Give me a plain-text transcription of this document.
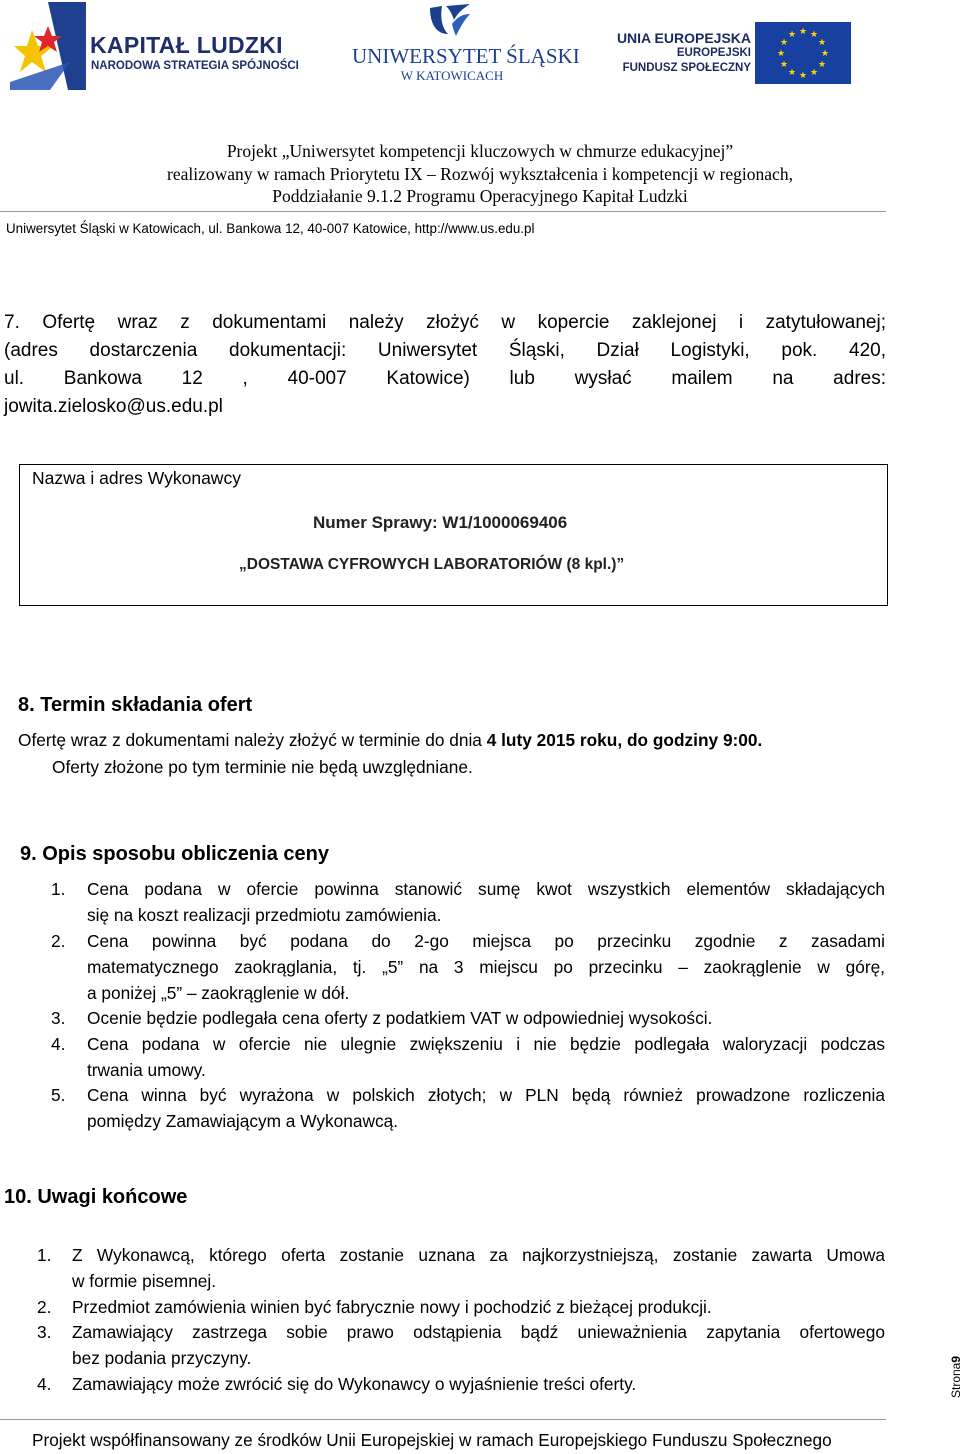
KAPITAŁ LUDZKI
NARODOWA STRATEGIA SPÓJNOŚCI	UNIWERSYTET ŚLĄSKI
W KATOWICACH
UNIA EUROPEJSKA
EUROPEJSKI
FUNDUSZ SPOŁECZNY
★ ★
★
★
★
★
★
★
★
★
★
★
Projekt „Uniwersytet kompetencji kluczowych w chmurze edukacyjnej”
realizowany w ramach Priorytetu IX – Rozwój wykształcenia i kompetencji w regionach,
Poddziałanie 9.1.2 Programu Operacyjnego Kapitał Ludzki
Uniwersytet Śląski w Katowicach, ul. Bankowa 12, 40-007 Katowice, http://www.us.edu.pl
7. Ofertę wraz z dokumentami należy złożyć w kopercie zaklejonej i zatytułowanej;
(adres dostarczenia dokumentacji: Uniwersytet Śląski, Dział Logistyki, pok. 420,
ul. Bankowa 12 , 40-007 Katowice) lub wysłać mailem na adres:
jowita.zielosko@us.edu.pl
Nazwa i adres Wykonawcy
Numer Sprawy: W1/1000069406
„DOSTAWA CYFROWYCH LABORATORIÓW (8 kpl.)”
8. Termin składania ofert
Ofertę wraz z dokumentami należy złożyć w terminie do dnia 4 luty 2015 roku, do godziny 9:00.
Oferty złożone po tym terminie nie będą uwzględniane.
9. Opis sposobu obliczenia ceny
1. Cena podana w ofercie powinna stanowić sumę kwot wszystkich elementów składających
się na koszt realizacji przedmiotu zamówienia.
2. Cena powinna być podana do 2-go miejsca po przecinku zgodnie z zasadami
matematycznego zaokrąglania, tj. „5” na 3 miejscu po przecinku – zaokrąglenie w górę,
a poniżej „5” – zaokrąglenie w dół.
3. Ocenie będzie podlegała cena oferty z podatkiem VAT w odpowiedniej wysokości.
4. Cena podana w ofercie nie ulegnie zwiększeniu i nie będzie podlegała waloryzacji podczas
trwania umowy.
5. Cena winna być wyrażona w polskich złotych; w PLN będą również prowadzone rozliczenia
pomiędzy Zamawiającym a Wykonawcą.
10. Uwagi końcowe
1. Z Wykonawcą, którego oferta zostanie uznana za najkorzystniejszą, zostanie zawarta Umowa
w formie pisemnej.
2. Przedmiot zamówienia winien być fabrycznie nowy i pochodzić z bieżącej produkcji.
3. Zamawiający zastrzega sobie prawo odstąpienia bądź unieważnienia zapytania ofertowego
bez podania przyczyny.
4. Zamawiający może zwrócić się do Wykonawcy o wyjaśnienie treści oferty.	Strona9
Projekt współfinansowany ze środków Unii Europejskiej w ramach Europejskiego Funduszu Społecznego
